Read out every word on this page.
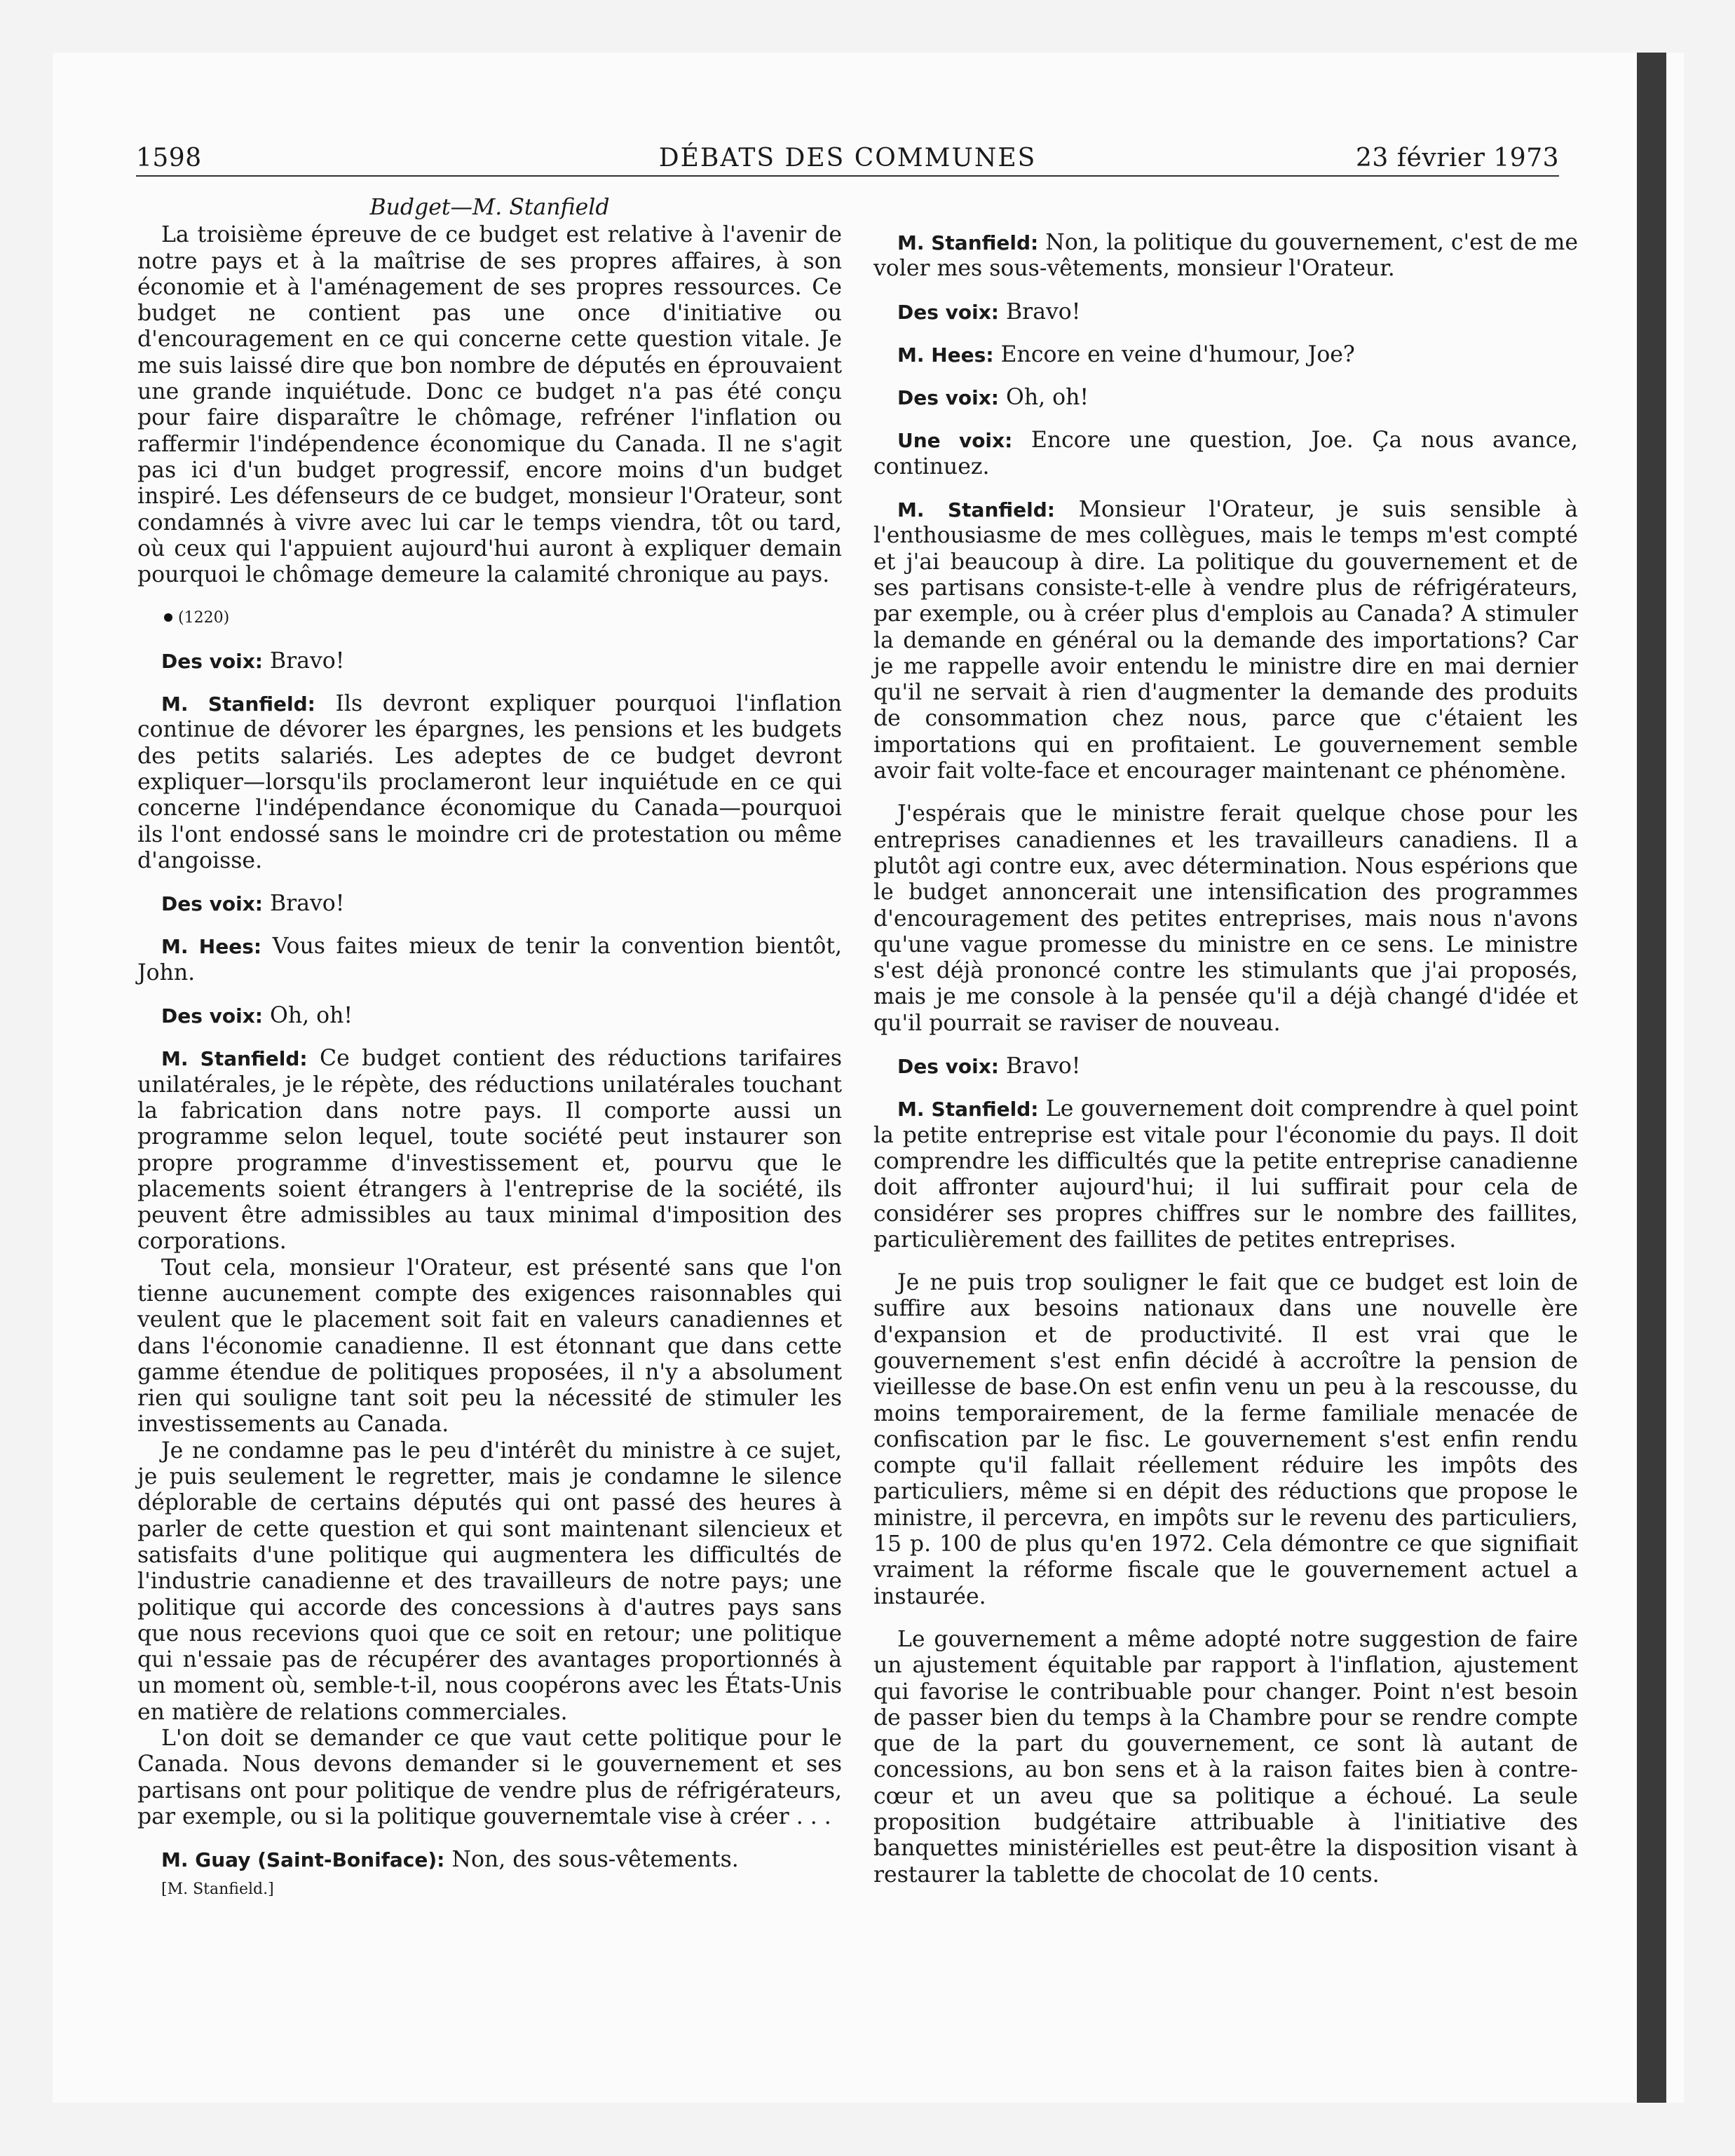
1598	DÉBATS DES COMMUNES	23 février 1973

Budget—M. Stanfield

La troisième épreuve de ce budget est relative à l'avenir de notre pays et à la maîtrise de ses propres affaires, à son économie et à l'aménagement de ses propres ressources. Ce budget ne contient pas une once d'initiative ou d'encouragement en ce qui concerne cette question vitale. Je me suis laissé dire que bon nombre de députés en éprouvaient une grande inquiétude. Donc ce budget n'a pas été conçu pour faire disparaître le chômage, refréner l'inflation ou raffermir l'indépendence économique du Canada. Il ne s'agit pas ici d'un budget progressif, encore moins d'un budget inspiré. Les défenseurs de ce budget, monsieur l'Orateur, sont condamnés à vivre avec lui car le temps viendra, tôt ou tard, où ceux qui l'appuient aujourd'hui auront à expliquer demain pourquoi le chômage demeure la calamité chronique au pays.

(1220)

Des voix: Bravo!

M. Stanfield: Ils devront expliquer pourquoi l'inflation continue de dévorer les épargnes, les pensions et les budgets des petits salariés. Les adeptes de ce budget devront expliquer—lorsqu'ils proclameront leur inquiétude en ce qui concerne l'indépendance économique du Canada—pourquoi ils l'ont endossé sans le moindre cri de protestation ou même d'angoisse.

Des voix: Bravo!

M. Hees: Vous faites mieux de tenir la convention bientôt, John.

Des voix: Oh, oh!

M. Stanfield: Ce budget contient des réductions tarifaires unilatérales, je le répète, des réductions unilatérales touchant la fabrication dans notre pays. Il comporte aussi un programme selon lequel, toute société peut instaurer son propre programme d'investissement et, pourvu que le placements soient étrangers à l'entreprise de la société, ils peuvent être admissibles au taux minimal d'imposition des corporations.

Tout cela, monsieur l'Orateur, est présenté sans que l'on tienne aucunement compte des exigences raisonnables qui veulent que le placement soit fait en valeurs canadiennes et dans l'économie canadienne. Il est étonnant que dans cette gamme étendue de politiques proposées, il n'y a absolument rien qui souligne tant soit peu la nécessité de stimuler les investissements au Canada.

Je ne condamne pas le peu d'intérêt du ministre à ce sujet, je puis seulement le regretter, mais je condamne le silence déplorable de certains députés qui ont passé des heures à parler de cette question et qui sont maintenant silencieux et satisfaits d'une politique qui augmentera les difficultés de l'industrie canadienne et des travailleurs de notre pays; une politique qui accorde des concessions à d'autres pays sans que nous recevions quoi que ce soit en retour; une politique qui n'essaie pas de récupérer des avantages proportionnés à un moment où, semble-t-il, nous coopérons avec les États-Unis en matière de relations commerciales.

L'on doit se demander ce que vaut cette politique pour le Canada. Nous devons demander si le gouvernement et ses partisans ont pour politique de vendre plus de réfrigérateurs, par exemple, ou si la politique gouvernemtale vise à créer . . .

M. Guay (Saint-Boniface): Non, des sous-vêtements.

[M. Stanfield.]

M. Stanfield: Non, la politique du gouvernement, c'est de me voler mes sous-vêtements, monsieur l'Orateur.

Des voix: Bravo!

M. Hees: Encore en veine d'humour, Joe?

Des voix: Oh, oh!

Une voix: Encore une question, Joe. Ça nous avance, continuez.

M. Stanfield: Monsieur l'Orateur, je suis sensible à l'enthousiasme de mes collègues, mais le temps m'est compté et j'ai beaucoup à dire. La politique du gouvernement et de ses partisans consiste-t-elle à vendre plus de réfrigérateurs, par exemple, ou à créer plus d'emplois au Canada? A stimuler la demande en général ou la demande des importations? Car je me rappelle avoir entendu le ministre dire en mai dernier qu'il ne servait à rien d'augmenter la demande des produits de consommation chez nous, parce que c'étaient les importations qui en profitaient. Le gouvernement semble avoir fait volte-face et encourager maintenant ce phénomène.

J'espérais que le ministre ferait quelque chose pour les entreprises canadiennes et les travailleurs canadiens. Il a plutôt agi contre eux, avec détermination. Nous espérions que le budget annoncerait une intensification des programmes d'encouragement des petites entreprises, mais nous n'avons qu'une vague promesse du ministre en ce sens. Le ministre s'est déjà prononcé contre les stimulants que j'ai proposés, mais je me console à la pensée qu'il a déjà changé d'idée et qu'il pourrait se raviser de nouveau.

Des voix: Bravo!

M. Stanfield: Le gouvernement doit comprendre à quel point la petite entreprise est vitale pour l'économie du pays. Il doit comprendre les difficultés que la petite entreprise canadienne doit affronter aujourd'hui; il lui suffirait pour cela de considérer ses propres chiffres sur le nombre des faillites, particulièrement des faillites de petites entreprises.

Je ne puis trop souligner le fait que ce budget est loin de suffire aux besoins nationaux dans une nouvelle ère d'expansion et de productivité. Il est vrai que le gouvernement s'est enfin décidé à accroître la pension de vieillesse de base.On est enfin venu un peu à la rescousse, du moins temporairement, de la ferme familiale menacée de confiscation par le fisc. Le gouvernement s'est enfin rendu compte qu'il fallait réellement réduire les impôts des particuliers, même si en dépit des réductions que propose le ministre, il percevra, en impôts sur le revenu des particuliers, 15 p. 100 de plus qu'en 1972. Cela démontre ce que signifiait vraiment la réforme fiscale que le gouvernement actuel a instaurée.

Le gouvernement a même adopté notre suggestion de faire un ajustement équitable par rapport à l'inflation, ajustement qui favorise le contribuable pour changer. Point n'est besoin de passer bien du temps à la Chambre pour se rendre compte que de la part du gouvernement, ce sont là autant de concessions, au bon sens et à la raison faites bien à contre-cœur et un aveu que sa politique a échoué. La seule proposition budgétaire attribuable à l'initiative des banquettes ministérielles est peut-être la disposition visant à restaurer la tablette de chocolat de 10 cents.
